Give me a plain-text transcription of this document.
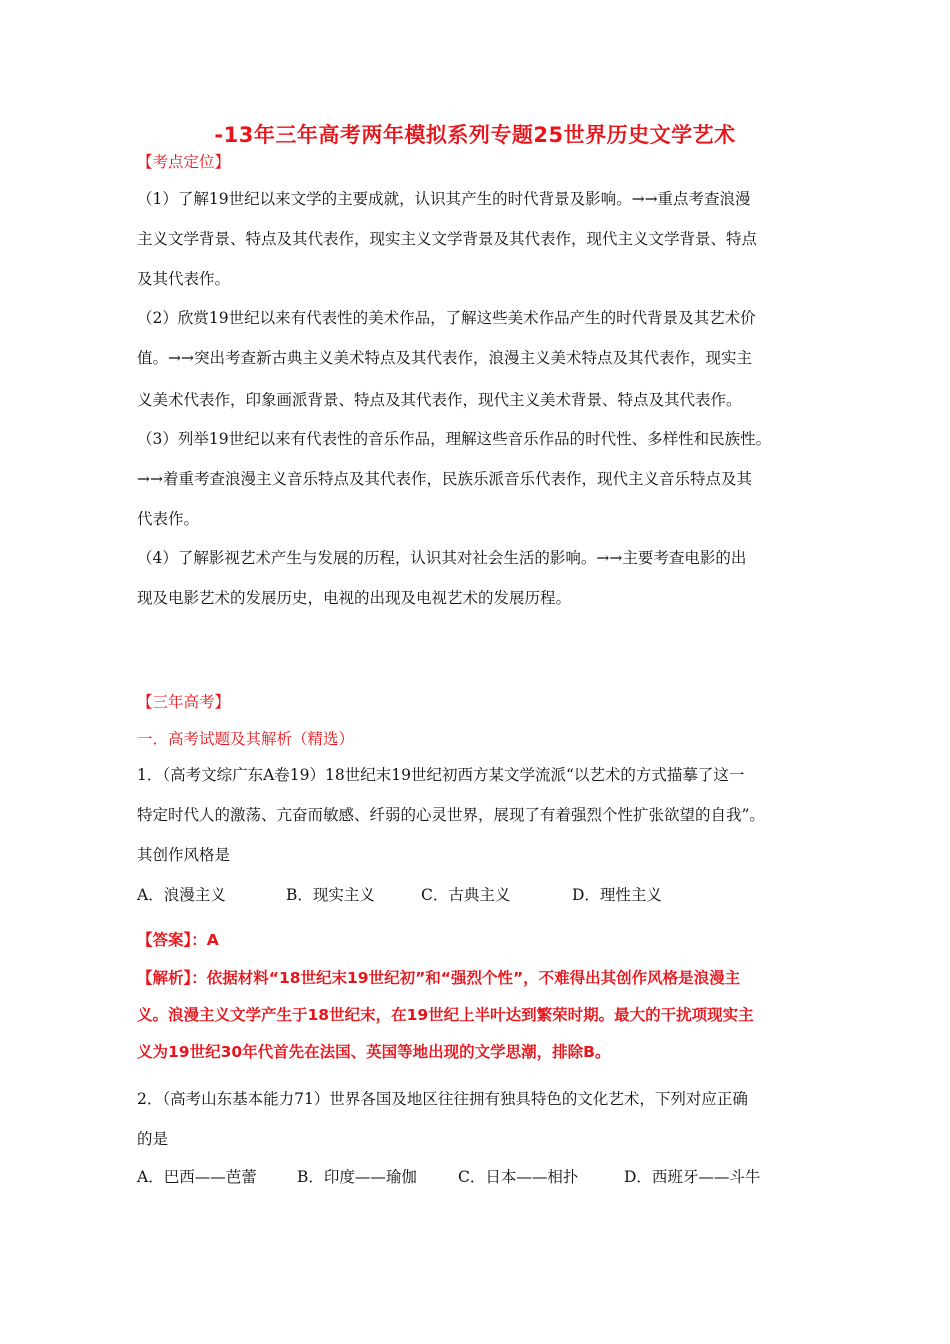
-13年三年高考两年模拟系列专题25世界历史文学艺术
【考点定位】
（1）了解19世纪以来文学的主要成就，认识其产生的时代背景及影响。→→重点考查浪漫
主义文学背景、特点及其代表作，现实主义文学背景及其代表作，现代主义文学背景、特点
及其代表作。
（2）欣赏19世纪以来有代表性的美术作品，了解这些美术作品产生的时代背景及其艺术价
值。→→突出考查新古典主义美术特点及其代表作，浪漫主义美术特点及其代表作，现实主
义美术代表作，印象画派背景、特点及其代表作，现代主义美术背景、特点及其代表作。
（3）列举19世纪以来有代表性的音乐作品，理解这些音乐作品的时代性、多样性和民族性。
→→着重考查浪漫主义音乐特点及其代表作，民族乐派音乐代表作，现代主义音乐特点及其
代表作。
（4）了解影视艺术产生与发展的历程，认识其对社会生活的影响。→→主要考查电影的出
现及电影艺术的发展历史，电视的出现及电视艺术的发展历程。
【三年高考】
一．高考试题及其解析（精选）
1．（高考文综广东A卷19）18世纪末19世纪初西方某文学流派“以艺术的方式描摹了这一
特定时代人的激荡、亢奋而敏感、纤弱的心灵世界，展现了有着强烈个性扩张欲望的自我”。
其创作风格是
A．浪漫主义	B．现实主义	C．古典主义	D．理性主义
【答案】：A
【解析】：依据材料“18世纪末19世纪初”和“强烈个性”，不难得出其创作风格是浪漫主
义。浪漫主义文学产生于18世纪末，在19世纪上半叶达到繁荣时期。最大的干扰项现实主
义为19世纪30年代首先在法国、英国等地出现的文学思潮，排除B。
2．（高考山东基本能力71）世界各国及地区往往拥有独具特色的文化艺术，下列对应正确
的是
A．巴西——芭蕾	B．印度——瑜伽	C．日本——相扑	D．西班牙——斗牛
